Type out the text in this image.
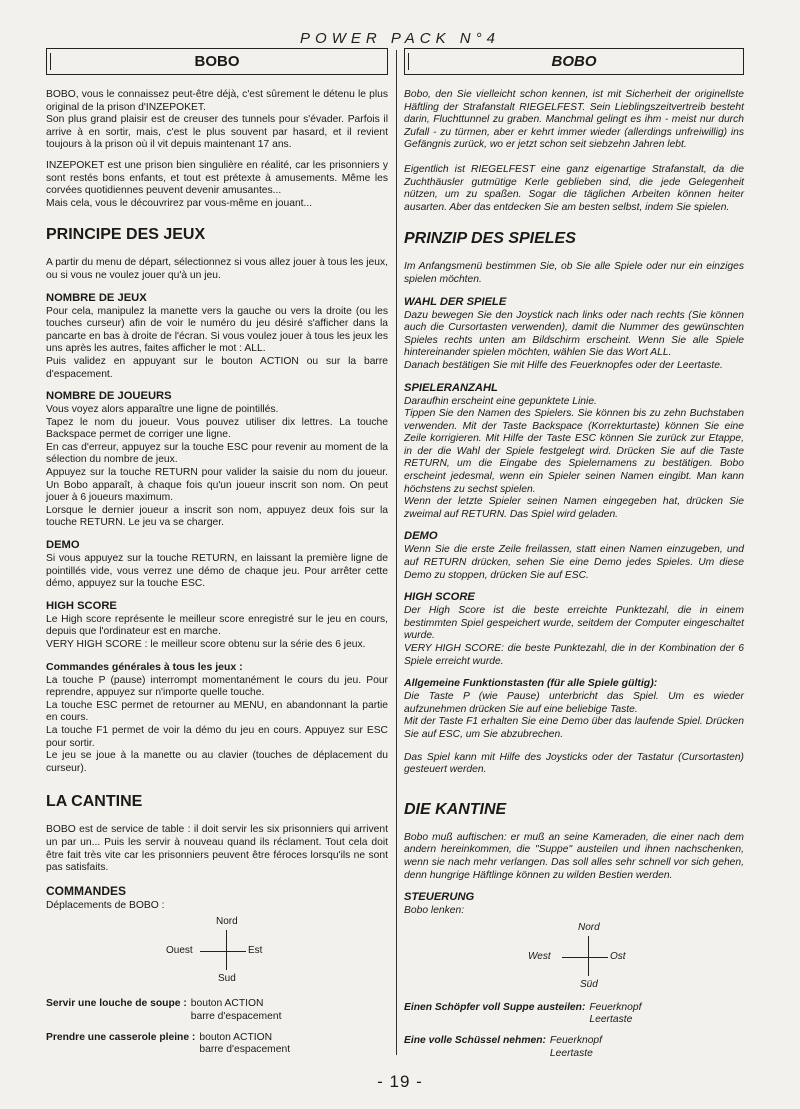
POWER PACK N°4
BOBO

BOBO, vous le connaissez peut-être déjà, c'est sûrement le détenu le plus original de la prison d'INZEPOKET.

Son plus grand plaisir est de creuser des tunnels pour s'évader. Parfois il arrive à en sortir, mais, c'est le plus souvent par hasard, et il revient toujours à la prison où il vit depuis maintenant 17 ans.

INZEPOKET est une prison bien singulière en réalité, car les prisonniers y sont restés bons enfants, et tout est prétexte à amusements. Même les corvées quotidiennes peuvent devenir amusantes...

Mais cela, vous le découvrirez par vous-même en jouant...

PRINCIPE DES JEUX

A partir du menu de départ, sélectionnez si vous allez jouer à tous les jeux, ou si vous ne voulez jouer qu'à un jeu.

NOMBRE DE JEUX

Pour cela, manipulez la manette vers la gauche ou vers la droite (ou les touches curseur) afin de voir le numéro du jeu désiré s'afficher dans la pancarte en bas à droite de l'écran. Si vous voulez jouer à tous les jeux les uns après les autres, faites afficher le mot : ALL.

Puis validez en appuyant sur le bouton ACTION ou sur la barre d'espacement.

NOMBRE DE JOUEURS

Vous voyez alors apparaître une ligne de pointillés.

Tapez le nom du joueur. Vous pouvez utiliser dix lettres. La touche Backspace permet de corriger une ligne.

En cas d'erreur, appuyez sur la touche ESC pour revenir au moment de la sélection du nombre de jeux.

Appuyez sur la touche RETURN pour valider la saisie du nom du joueur. Un Bobo apparaît, à chaque fois qu'un joueur inscrit son nom. On peut jouer à 6 joueurs maximum.

Lorsque le dernier joueur a inscrit son nom, appuyez deux fois sur la touche RETURN. Le jeu va se charger.

DEMO

Si vous appuyez sur la touche RETURN, en laissant la première ligne de pointillés vide, vous verrez une démo de chaque jeu. Pour arrêter cette démo, appuyez sur la touche ESC.

HIGH SCORE

Le High score représente le meilleur score enregistré sur le jeu en cours, depuis que l'ordinateur est en marche.

VERY HIGH SCORE : le meilleur score obtenu sur la série des 6 jeux.

Commandes générales à tous les jeux :

La touche P (pause) interrompt momentanément le cours du jeu. Pour reprendre, appuyez sur n'importe quelle touche.

La touche ESC permet de retourner au MENU, en abandonnant la partie en cours.

La touche F1 permet de voir la démo du jeu en cours. Appuyez sur ESC pour sortir.

Le jeu se joue à la manette ou au clavier (touches de déplacement du curseur).

LA CANTINE

BOBO est de service de table : il doit servir les six prisonniers qui arrivent un par un... Puis les servir à nouveau quand ils réclament. Tout cela doit être fait très vite car les prisonniers peuvent être féroces lorsqu'ils ne sont pas satisfaits.

COMMANDES

Déplacements de BOBO :

Nord
Ouest	Est
Sud
Servir une louche de soupe : bouton ACTION
barre d'espacement
Prendre une casserole pleine : bouton ACTION
barre d'espacement
BOBO

Bobo, den Sie vielleicht schon kennen, ist mit Sicherheit der originellste Häftling der Strafanstalt RIEGELFEST. Sein Lieblingszeitvertreib besteht darin, Fluchttunnel zu graben. Manchmal gelingt es ihm - meist nur durch Zufall - zu türmen, aber er kehrt immer wieder (allerdings unfreiwillig) ins Gefängnis zurück, wo er jetzt schon seit siebzehn Jahren lebt.

Eigentlich ist RIEGELFEST eine ganz eigenartige Strafanstalt, da die Zuchthäusler gutmütige Kerle geblieben sind, die jede Gelegenheit nützen, um zu spaßen. Sogar die täglichen Arbeiten können heiter ausarten. Aber das entdecken Sie am besten selbst, indem Sie spielen.

PRINZIP DES SPIELES

Im Anfangsmenü bestimmen Sie, ob Sie alle Spiele oder nur ein einziges spielen möchten.

WAHL DER SPIELE

Dazu bewegen Sie den Joystick nach links oder nach rechts (Sie können auch die Cursortasten verwenden), damit die Nummer des gewünschten Spieles rechts unten am Bildschirm erscheint. Wenn Sie alle Spiele hintereinander spielen möchten, wählen Sie das Wort ALL.

Danach bestätigen Sie mit Hilfe des Feuerknopfes oder der Leertaste.

SPIELERANZAHL

Daraufhin erscheint eine gepunktete Linie.

Tippen Sie den Namen des Spielers. Sie können bis zu zehn Buchstaben verwenden. Mit der Taste Backspace (Korrekturtaste) können Sie eine Zeile korrigieren. Mit Hilfe der Taste ESC können Sie zurück zur Etappe, in der die Wahl der Spiele festgelegt wird. Drücken Sie auf die Taste RETURN, um die Eingabe des Spielernamens zu bestätigen. Bobo erscheint jedesmal, wenn ein Spieler seinen Namen eingibt. Man kann höchstens zu sechst spielen.

Wenn der letzte Spieler seinen Namen eingegeben hat, drücken Sie zweimal auf RETURN. Das Spiel wird geladen.

DEMO

Wenn Sie die erste Zeile freilassen, statt einen Namen einzugeben, und auf RETURN drücken, sehen Sie eine Demo jedes Spieles. Um diese Demo zu stoppen, drücken Sie auf ESC.

HIGH SCORE

Der High Score ist die beste erreichte Punktezahl, die in einem bestimmten Spiel gespeichert wurde, seitdem der Computer eingeschaltet wurde.

VERY HIGH SCORE: die beste Punktezahl, die in der Kombination der 6 Spiele erreicht wurde.

Allgemeine Funktionstasten (für alle Spiele gültig):

Die Taste P (wie Pause) unterbricht das Spiel. Um es wieder aufzunehmen drücken Sie auf eine beliebige Taste.

Mit der Taste F1 erhalten Sie eine Demo über das laufende Spiel. Drücken Sie auf ESC, um Sie abzubrechen.

Das Spiel kann mit Hilfe des Joysticks oder der Tastatur (Cursortasten) gesteuert werden.

DIE KANTINE

Bobo muß auftischen: er muß an seine Kameraden, die einer nach dem andern hereinkommen, die "Suppe" austeilen und ihnen nachschenken, wenn sie nach mehr verlangen. Das soll alles sehr schnell vor sich gehen, denn hungrige Häftlinge können zu wilden Bestien werden.

STEUERUNG

Bobo lenken:

Nord
West	Ost
Süd
Einen Schöpfer voll Suppe austeilen: Feuerknopf
Leertaste
Eine volle Schüssel nehmen: Feuerknopf
Leertaste
- 19 -
